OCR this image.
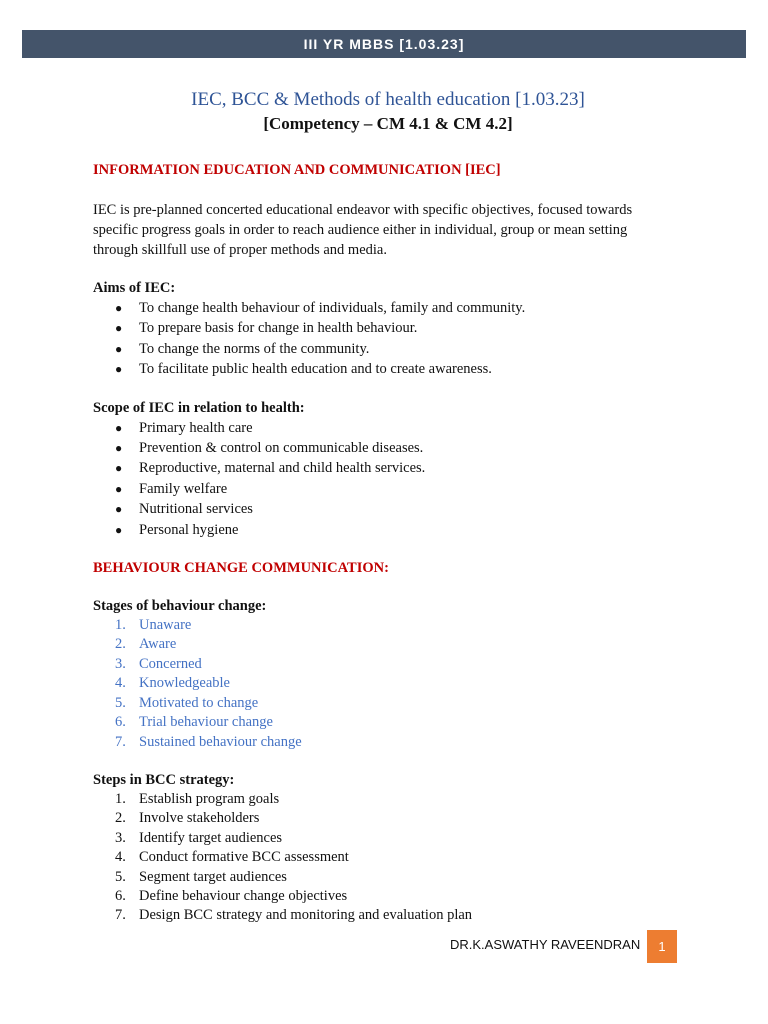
III YR MBBS [1.03.23]
IEC, BCC & Methods of health education [1.03.23]
[Competency – CM 4.1 & CM 4.2]
INFORMATION EDUCATION AND COMMUNICATION [IEC]

IEC is pre-planned concerted educational endeavor with specific objectives, focused towards

specific progress goals in order to reach audience either in individual, group or mean setting

through skillfull use of proper methods and media.

Aims of IEC:
● To change health behaviour of individuals, family and community.
● To prepare basis for change in health behaviour.
● To change the norms of the community.
● To facilitate public health education and to create awareness.
Scope of IEC in relation to health:
● Primary health care
● Prevention & control on communicable diseases.
● Reproductive, maternal and child health services.
● Family welfare
● Nutritional services
● Personal hygiene
BEHAVIOUR CHANGE COMMUNICATION:
Stages of behaviour change:
1. Unaware
2. Aware
3. Concerned
4. Knowledgeable
5. Motivated to change
6. Trial behaviour change
7. Sustained behaviour change
Steps in BCC strategy:
1. Establish program goals
2. Involve stakeholders
3. Identify target audiences
4. Conduct formative BCC assessment
5. Segment target audiences
6. Define behaviour change objectives
7. Design BCC strategy and monitoring and evaluation plan
DR.K.ASWATHY RAVEENDRAN 1
